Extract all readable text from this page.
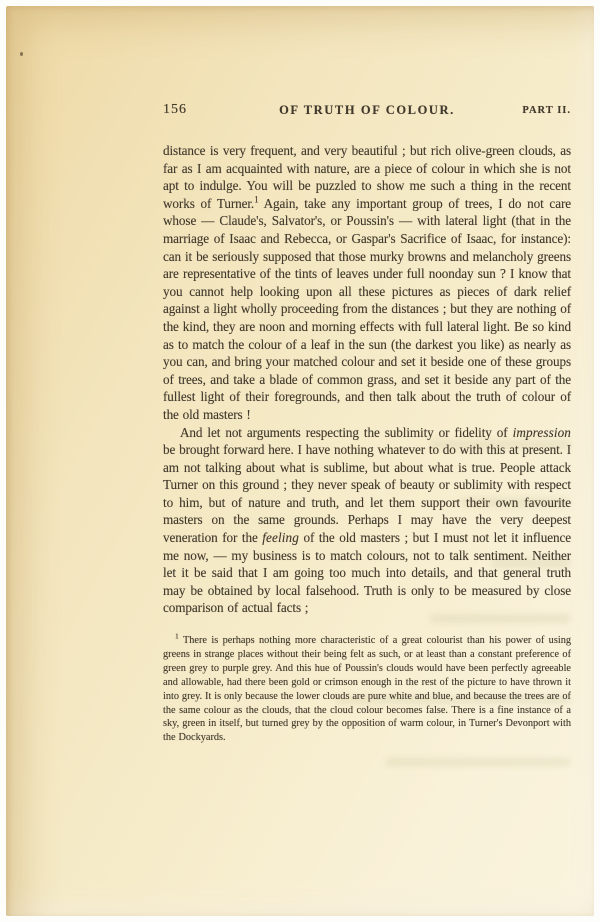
156	OF TRUTH OF COLOUR.	PART II.

distance is very frequent, and very beautiful ; but rich olive-green clouds, as far as I am acquainted with nature, are a piece of colour in which she is not apt to indulge. You will be puzzled to show me such a thing in the recent works of Turner.$^1$ Again, take any important group of trees, I do not care whose — Claude's, Salvator's, or Poussin's — with lateral light (that in the marriage of Isaac and Rebecca, or Gaspar's Sacrifice of Isaac, for instance): can it be seriously supposed that those murky browns and melancholy greens are representative of the tints of leaves under full noonday sun ? I know that you cannot help looking upon all these pictures as pieces of dark relief against a light wholly proceeding from the distances ; but they are nothing of the kind, they are noon and morning effects with full lateral light. Be so kind as to match the colour of a leaf in the sun (the darkest you like) as nearly as you can, and bring your matched colour and set it beside one of these groups of trees, and take a blade of common grass, and set it beside any part of the fullest light of their foregrounds, and then talk about the truth of colour of the old masters !

And let not arguments respecting the sublimity or fidelity of impression be brought forward here. I have nothing whatever to do with this at present. I am not talking about what is sublime, but about what is true. People attack Turner on this ground ; they never speak of beauty or sublimity with respect to him, but of nature and truth, and let them support their own favourite masters on the same grounds. Perhaps I may have the very deepest veneration for the feeling of the old masters ; but I must not let it influence me now, — my business is to match colours, not to talk sentiment. Neither let it be said that I am going too much into details, and that general truth may be obtained by local falsehood. Truth is only to be measured by close comparison of actual facts ;

$^1$ There is perhaps nothing more characteristic of a great colourist than his power of using greens in strange places without their being felt as such, or at least than a constant preference of green grey to purple grey. And this hue of Poussin's clouds would have been perfectly agreeable and allowable, had there been gold or crimson enough in the rest of the picture to have thrown it into grey. It is only because the lower clouds are pure white and blue, and because the trees are of the same colour as the clouds, that the cloud colour becomes false. There is a fine instance of a sky, green in itself, but turned grey by the opposition of warm colour, in Turner's Devonport with the Dockyards.
